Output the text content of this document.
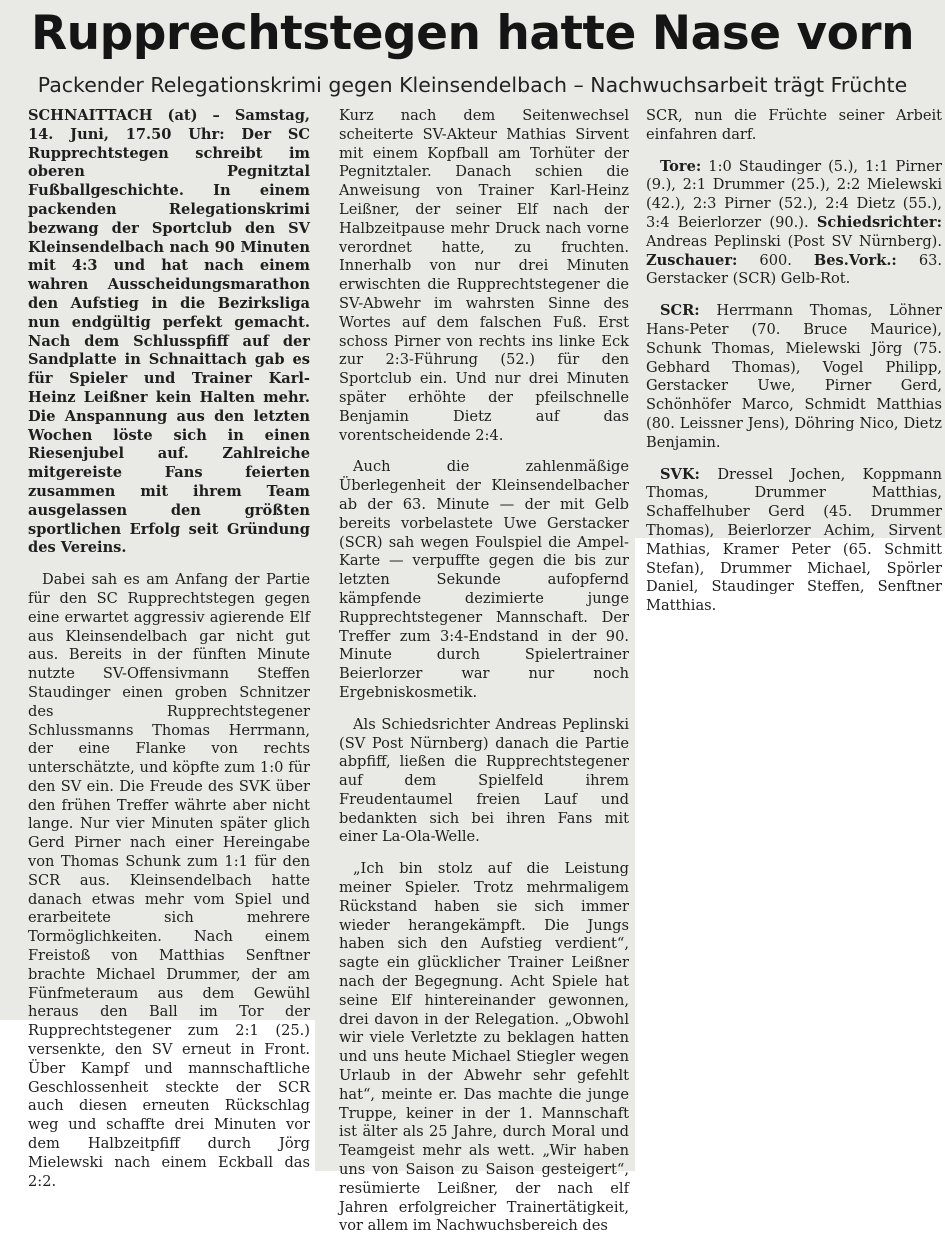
Rupprechtstegen hatte Nase vorn
Packender Relegationskrimi gegen Kleinsendelbach – Nachwuchsarbeit trägt Früchte

SCHNAITTACH (at) – Samstag, 14. Juni, 17.50 Uhr: Der SC Rupprechtstegen schreibt im oberen Pegnitztal Fußballgeschichte. In einem packenden Relegationskrimi bezwang der Sportclub den SV Kleinsendelbach nach 90 Minuten mit 4:3 und hat nach einem wahren Ausscheidungsmarathon den Aufstieg in die Bezirksliga nun endgültig perfekt gemacht. Nach dem Schlusspfiff auf der Sandplatte in Schnaittach gab es für Spieler und Trainer Karl-Heinz Leißner kein Halten mehr. Die Anspannung aus den letzten Wochen löste sich in einen Riesenjubel auf. Zahlreiche mitgereiste Fans feierten zusammen mit ihrem Team ausgelassen den größten sportlichen Erfolg seit Gründung des Vereins.

Dabei sah es am Anfang der Partie für den SC Rupprechtstegen gegen eine erwartet aggressiv agierende Elf aus Kleinsendelbach gar nicht gut aus. Bereits in der fünften Minute nutzte SV-Offensivmann Steffen Staudinger einen groben Schnitzer des Rupprechtstegener Schlussmanns Thomas Herrmann, der eine Flanke von rechts unterschätzte, und köpfte zum 1:0 für den SV ein. Die Freude des SVK über den frühen Treffer währte aber nicht lange. Nur vier Minuten später glich Gerd Pirner nach einer Hereingabe von Thomas Schunk zum 1:1 für den SCR aus. Kleinsendelbach hatte danach etwas mehr vom Spiel und erarbeitete sich mehrere Tormöglichkeiten. Nach einem Freistoß von Matthias Senftner brachte Michael Drummer, der am Fünfmeteraum aus dem Gewühl heraus den Ball im Tor der Rupprechtstegener zum 2:1 (25.) versenkte, den SV erneut in Front. Über Kampf und mannschaftliche Geschlossenheit steckte der SCR auch diesen erneuten Rückschlag weg und schaffte drei Minuten vor dem Halbzeitpfiff durch Jörg Mielewski nach einem Eckball das 2:2.

Kurz nach dem Seitenwechsel scheiterte SV-Akteur Mathias Sirvent mit einem Kopfball am Torhüter der Pegnitztaler. Danach schien die Anweisung von Trainer Karl-Heinz Leißner, der seiner Elf nach der Halbzeitpause mehr Druck nach vorne verordnet hatte, zu fruchten. Innerhalb von nur drei Minuten erwischten die Rupprechtstegener die SV-Abwehr im wahrsten Sinne des Wortes auf dem falschen Fuß. Erst schoss Pirner von rechts ins linke Eck zur 2:3-Führung (52.) für den Sportclub ein. Und nur drei Minuten später erhöhte der pfeilschnelle Benjamin Dietz auf das vorentscheidende 2:4.

Auch die zahlenmäßige Überlegenheit der Kleinsendelbacher ab der 63. Minute — der mit Gelb bereits vorbelastete Uwe Gerstacker (SCR) sah wegen Foulspiel die Ampel-Karte — verpuffte gegen die bis zur letzten Sekunde aufopfernd kämpfende dezimierte junge Rupprechtstegener Mannschaft. Der Treffer zum 3:4-Endstand in der 90. Minute durch Spielertrainer Beierlorzer war nur noch Ergebniskosmetik.

Als Schiedsrichter Andreas Peplinski (SV Post Nürnberg) danach die Partie abpfiff, ließen die Rupprechtstegener auf dem Spielfeld ihrem Freudentaumel freien Lauf und bedankten sich bei ihren Fans mit einer La-Ola-Welle.

„Ich bin stolz auf die Leistung meiner Spieler. Trotz mehrmaligem Rückstand haben sie sich immer wieder herangekämpft. Die Jungs haben sich den Aufstieg verdient“, sagte ein glücklicher Trainer Leißner nach der Begegnung. Acht Spiele hat seine Elf hintereinander gewonnen, drei davon in der Relegation. „Obwohl wir viele Verletzte zu beklagen hatten und uns heute Michael Stiegler wegen Urlaub in der Abwehr sehr gefehlt hat“, meinte er. Das machte die junge Truppe, keiner in der 1. Mannschaft ist älter als 25 Jahre, durch Moral und Teamgeist mehr als wett. „Wir haben uns von Saison zu Saison gesteigert“, resümierte Leißner, der nach elf Jahren erfolgreicher Trainertätigkeit, vor allem im Nachwuchsbereich des

SCR, nun die Früchte seiner Arbeit einfahren darf.

Tore: 1:0 Staudinger (5.), 1:1 Pirner (9.), 2:1 Drummer (25.), 2:2 Mielewski (42.), 2:3 Pirner (52.), 2:4 Dietz (55.), 3:4 Beierlorzer (90.). Schiedsrichter: Andreas Peplinski (Post SV Nürnberg). Zuschauer: 600. Bes.Vork.: 63. Gerstacker (SCR) Gelb-Rot.

SCR: Herrmann Thomas, Löhner Hans-Peter (70. Bruce Maurice), Schunk Thomas, Mielewski Jörg (75. Gebhard Thomas), Vogel Philipp, Gerstacker Uwe, Pirner Gerd, Schönhöfer Marco, Schmidt Matthias (80. Leissner Jens), Döhring Nico, Dietz Benjamin.

SVK: Dressel Jochen, Koppmann Thomas, Drummer Matthias, Schaffelhuber Gerd (45. Drummer Thomas), Beierlorzer Achim, Sirvent Mathias, Kramer Peter (65. Schmitt Stefan), Drummer Michael, Spörler Daniel, Staudinger Steffen, Senftner Matthias.
